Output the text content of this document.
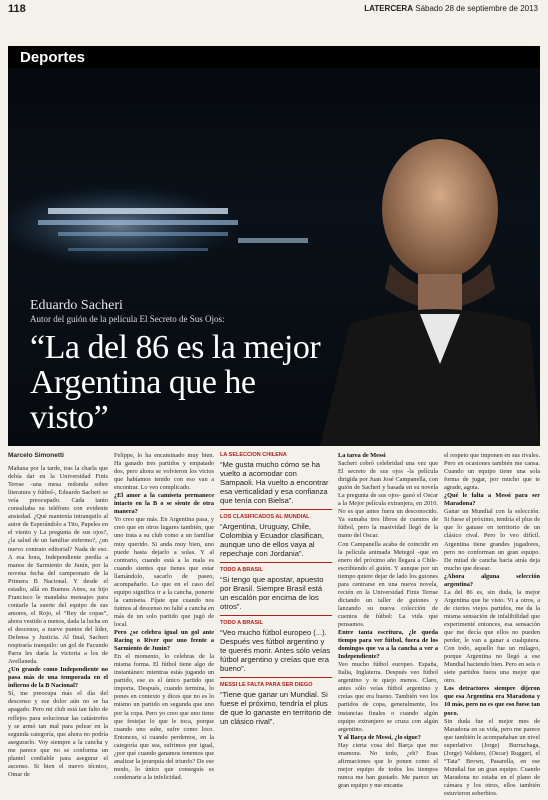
118	LATERCERA Sábado 28 de septiembre de 2013
Deportes
Eduardo Sacheri
Autor del guión de la película El Secreto de Sus Ojos:
“La del 86 es la mejor Argentina que he visto”

Marcelo Simonetti

Mañana por la tarde, tras la charla que debía dar en la Universidad Finis Terrae -una mesa redonda sobre literatura y fútbol-, Eduardo Sacheri se veía preocupado. Cada tanto consultaba su teléfono con evidente ansiedad. ¿Qué mantenía intranquilo al autor de Esperándolo a Tito, Papeles en el viento y La pregunta de sus ojos?, ¿la salud de un familiar enfermo?, ¿un nuevo contrato editorial? Nada de eso. A esa hora, Independiente perdía a manos de Sarmiento de Junín, por la novena fecha del campeonato de la Primera B Nacional. Y desde el estadio, allá en Buenos Aires, su hijo Francisco le mandaba mensajes para contarle la suerte del equipo de sus amores, el Rojo, el “Rey de copas”, ahora vestido a menos, dada la lucha en el descenso, a nueve puntos del líder, Defensa y Justicia. Al final, Sacheri respiraría tranquilo: un gol de Facundo Parra les daría la victoria a los de Avellaneda.

¿Un grande como Independiente no pasa más de una temporada en el infierno de la B Nacional?

Sí, me preocupa más el día del descenso y ese dolor aún no se ha apagado. Pero mi club está tan falto de reflejos para solucionar las catástrofes y se armó tan mal para pelear en la segunda categoría, que ahora no podría asegurarlo. Voy siempre a la cancha y me parece que no se conforma un plantel confiable para asegurar el ascenso. Si bien el nuevo técnico, Omar de

Felippe, lo ha encaminado muy bien. Ha ganado tres partidos y empatado dos, pero ahora se volvieron los vicios que habíamos tenido con eso van a encontrar. Lo veo complicado.

¿El amor a la camiseta permanece intacto en la B o se siente de otra manera?

Yo creo que más. En Argentina pasa, y creo que en otros lugares también, que uno trata a su club como a un familiar muy querido. Si anda muy bien, uno puede hasta dejarlo a solas. Y al contrario, cuando está a la mala es cuando sientes que tienes que estar llamándolo, sacarlo de paseo, acompañarlo. Lo que en el caso del equipo significa ir a la cancha, ponerte la camiseta. Fíjate que cuando nos fuimos al descenso no falté a cancha en más de un solo partido que jugó de local.

Pero ¿se celebra igual un gol ante Racing o River que uno frente a Sarmiento de Junín?

En el momento, lo celebras de la misma forma. El fútbol tiene algo de instantáneo: mientras estás jugando un partido, ese es el único partido que importa. Después, cuando termina, lo pones en contexto y dices que no es lo mismo un partido en segunda que uno por la copa. Pero yo creo que uno tiene que festejar lo que le toca, porque cuando uno sube, sufre como loco. Entonces, si cuando perdemos, en la categoría que sea, sufrimos por igual, ¿por qué cuando ganamos tenemos que analizar la jerarquía del triunfo? De ese modo, lo único que conseguís es condenarte a la infelicidad.

LA SELECCIÓN CHILENA

“Me gusta mucho cómo se ha vuelto a acomodar con Sampaoli. Ha vuelto a encontrar esa verticalidad y esa confianza que tenía con Bielsa”.

LOS CLASIFICADOS AL MUNDIAL

“Argentina, Uruguay, Chile, Colombia y Ecuador clasifican, aunque uno de ellos vaya al repechaje con Jordania”.

TODO A BRASIL

“Si tengo que apostar, apuesto por Brasil. Siempre Brasil está un escalón por encima de los otros”.

TODO A BRASIL

“Veo mucho fútbol europeo (...). Después ves fútbol argentino y te querés morir. Antes sólo veías fútbol argentino y creías que era bueno”.

MESSI LE FALTA PARA SER DIEGO

“Tiene que ganar un Mundial. Si fuese el próximo, tendría el plus de que lo ganaste en territorio de un clásico rival”.

La tarea de Messi

Sacheri cobró celebridad una vez que El secreto de sus ojos -la película dirigida por Juan José Campanella, con guión de Sacheri y basada en su novela La pregunta de sus ojos- ganó el Oscar a la Mejor película extranjera, en 2010. No es que antes fuera un desconocido. Ya sumaba tres libros de cuentos de fútbol, pero la masividad llegó de la mano del Oscar.

Con Campanella acaba de coincidir en la película animada Metegol -que en enero del próximo año llegará a Chile- escribiendo el guión. Y aunque por un tiempo quiere dejar de lado los guiones para centrarse en una nueva novela, recién en la Universidad Finis Terrae dictando un taller de guiones y lanzando su nueva colección de cuentos de fútbol: La vida que pensamos.

Entre tanta escritura, ¿le queda tiempo para ver fútbol, fuera de los domingos que va a la cancha a ver a Independiente?

Veo mucho fútbol europeo. España, Italia, Inglaterra. Después veo fútbol argentino y te quejo menos. Claro, antes sólo veías fútbol argentino y creías que era bueno. También veo los partidos de copa, generalmente, los instancias finales o cuando algún equipo extranjero se cruza con algún argentino.

Y al Barça de Messi, ¿lo sigue?

Hay cierta cosa del Barça que me enamora. No todo, ¿eh? Esas afirmaciones que lo ponen como el mejor equipo de todos los tiempos nunca me han gustado. Me parece un gran equipo y me encanta

el respeto que imponen en sus rivales. Pero en ocasiones también me cansa. Cuando un equipo tiene una sola forma de jugar, por mucho que te agrade, agota.

¿Qué le falta a Messi para ser Maradona?

Ganar un Mundial con la selección. Si fuese el próximo, tendría el plus de que lo ganase en territorio de un clásico rival. Pero lo veo difícil. Argentina tiene grandes jugadores, pero no conforman un gran equipo. De mitad de cancha hacia atrás deja mucho que desear.

¿Ahora alguna selección argentina?

La del 86 es, sin duda, la mejor Argentina que he visto. Vi a otros, a de ciertos viejos partidos, me da la misma sensación de infalibilidad que experimenté entonces, esa sensación que me decía que ellos no pueden perder, le van a ganar a cualquiera. Con todo, aquello fue un milagro, porque Argentina no llegó a ese Mundial haciendo bien. Pero en seis o siete partidos fuera una mejor que otro.

Los detractores siempre dijeron que esa Argentina era Maradona y 10 más, pero no es que eso fuese tan poco.

Sin duda fue el mejor mes de Maradona en su vida, pero me parece que también le acompañaban un nivel superlativo (Jorge) Burruchaga, (Jorge) Valdano, (Oscar) Ruggeri, el “Tata” Brown, Pasarella, en ese Mundial fue un gran equipo. Cuando Maradona no estaba en el plano de cámara y los otros, ellos también estuvieron soberbios.
